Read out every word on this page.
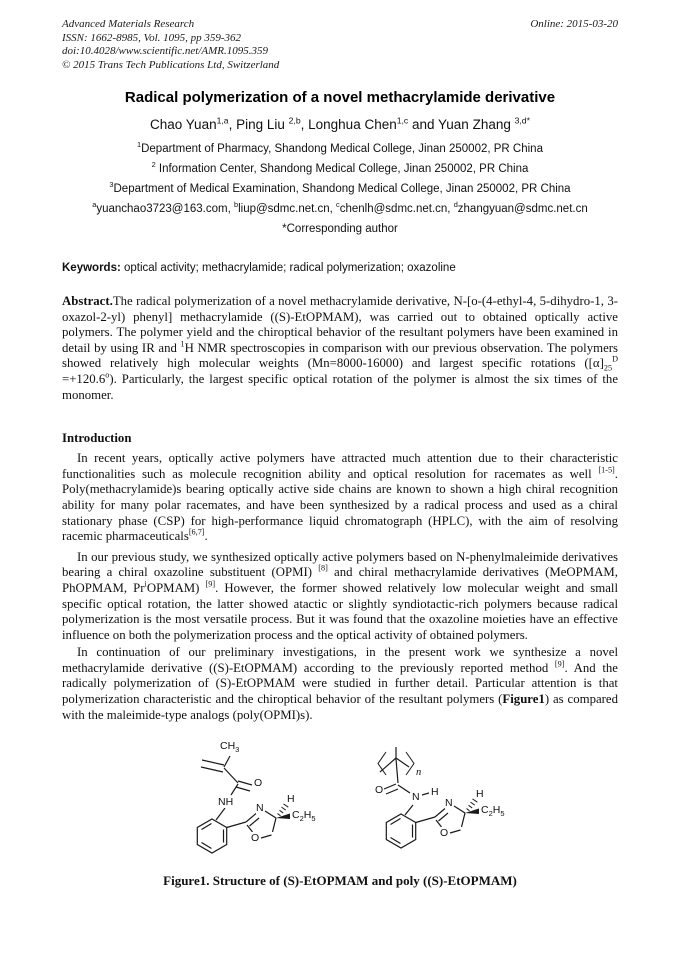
Advanced Materials Research
ISSN: 1662-8985, Vol. 1095, pp 359-362
doi:10.4028/www.scientific.net/AMR.1095.359
© 2015 Trans Tech Publications Ltd, Switzerland
Online: 2015-03-20
Radical polymerization of a novel methacrylamide derivative
Chao Yuan$^{1,a}$, Ping Liu $^{2,b}$, Longhua Chen$^{1,c}$ and Yuan Zhang $^{3,d*}$
$^1$Department of Pharmacy, Shandong Medical College, Jinan 250002, PR China
$^2$ Information Center, Shandong Medical College, Jinan 250002, PR China
$^3$Department of Medical Examination, Shandong Medical College, Jinan 250002, PR China
$^a$yuanchao3723@163.com, $^b$liup@sdmc.net.cn, $^c$chenlh@sdmc.net.cn, $^d$zhangyuan@sdmc.net.cn
*Corresponding author
Keywords: optical activity; methacrylamide; radical polymerization; oxazoline

Abstract.The radical polymerization of a novel methacrylamide derivative, N-[o-(4-ethyl-4, 5-dihydro-1, 3-oxazol-2-yl) phenyl] methacrylamide ((S)-EtOPMAM), was carried out to obtained optically active polymers. The polymer yield and the chiroptical behavior of the resultant polymers have been examined in detail by using IR and $^1$H NMR spectroscopies in comparison with our previous observation. The polymers showed relatively high molecular weights (Mn=8000-16000) and largest specific rotations $([\alpha]_{25}^D =+120.6^o)$. Particularly, the largest specific optical rotation of the polymer is almost the six times of the monomer.

Introduction

In recent years, optically active polymers have attracted much attention due to their characteristic functionalities such as molecule recognition ability and optical resolution for racemates as well [1-5]. Poly(methacrylamide)s bearing optically active side chains are known to shown a high chiral recognition ability for many polar racemates, and have been synthesized by a radical process and used as a chiral stationary phase (CSP) for high-performance liquid chromatograph (HPLC), with the aim of resolving racemic pharmaceuticals[6,7].

In our previous study, we synthesized optically active polymers based on N-phenylmaleimide derivatives bearing a chiral oxazoline substituent (OPMI) [8] and chiral methacrylamide derivatives (MeOPMAM, PhOPMAM, Pr$^i$OPMAM) [9]. However, the former showed relatively low molecular weight and small specific optical rotation, the latter showed atactic or slightly syndiotactic-rich polymers because radical polymerization is the most versatile process. But it was found that the oxazoline moieties have an effective influence on both the polymerization process and the optical activity of obtained polymers.

In continuation of our preliminary investigations, in the present work we synthesize a novel methacrylamide derivative ((S)-EtOPMAM) according to the previously reported method [9]. And the radically polymerization of (S)-EtOPMAM were studied in further detail. Particular attention is that polymerization characteristic and the chiroptical behavior of the resultant polymers (Figure1) as compared with the maleimide-type analogs (poly(OPMI)s).

$CH_3$
O
NH N
O
H
$C_2H_5$
n
O
N H
N
O
H
$C_2H_5$
Figure1. Structure of (S)-EtOPMAM and poly ((S)-EtOPMAM)
